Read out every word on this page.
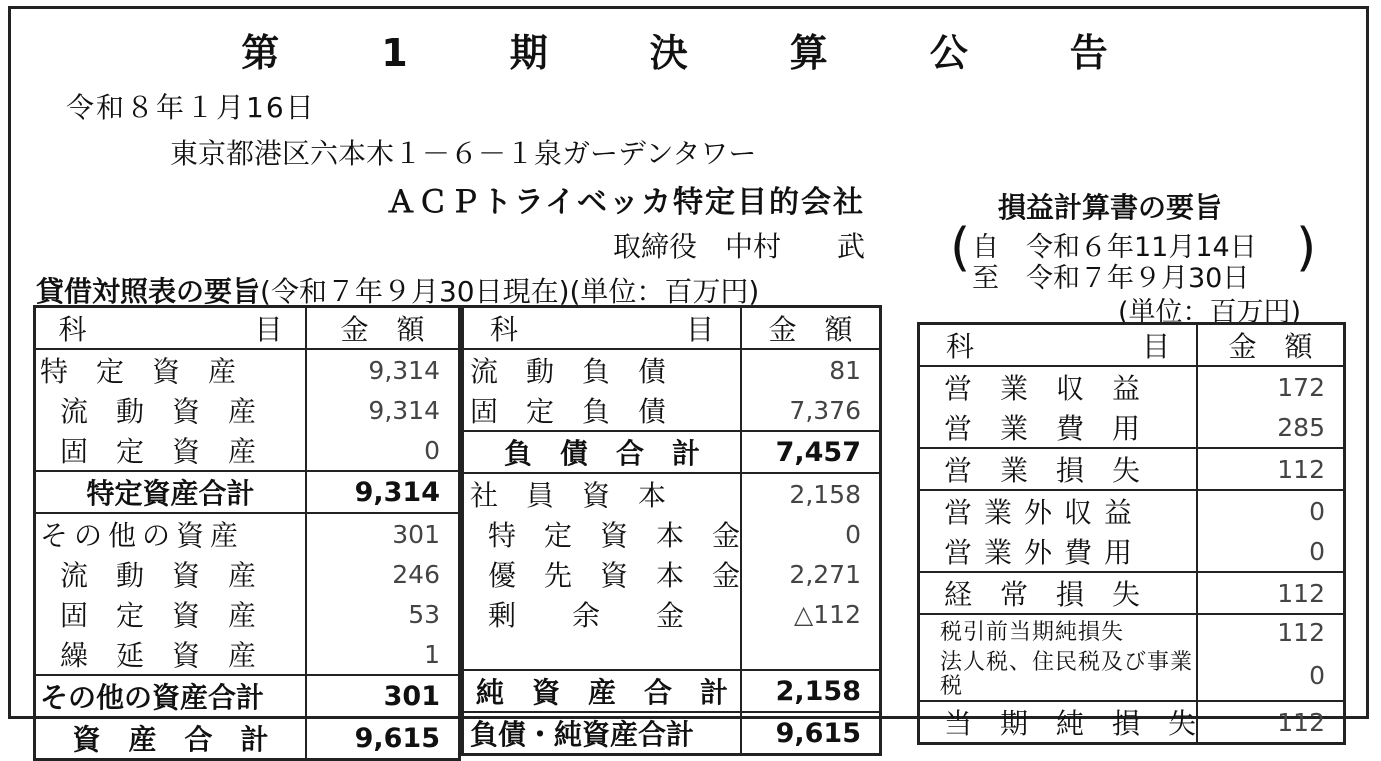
第　1　期　決　算　公　告
令和８年１月16日
東京都港区六本木１－６－１泉ガーデンタワー
ＡＣＰトライベッカ特定目的会社
取締役　中村　　武
貸借対照表の要旨(令和７年９月30日現在)(単位：百万円)
科　　　　　　目	金　額
特　定　資　産	9,314
流　動　資　産	9,314
固　定　資　産	0
特定資産合計	9,314
その他の資産	301
流　動　資　産	246
固　定　資　産	53
繰　延　資　産	1
その他の資産合計	301
資　産　合　計	9,615
科　　　　　　目	金　額
流　動　負　債	81
固　定　負　債	7,376
負　債　合　計	7,457
社　員　資　本	2,158
特　定　資　本　金	0
優　先　資　本　金	2,271
剰　　余　　金	△112

純　資　産　合　計	2,158
負債・純資産合計	9,615
損益計算書の要旨
( 自　令和６年11月14日
至　令和７年９月30日
)
(単位：百万円)
科　　　　　　目	金　額
営　業　収　益	172
営　業　費　用	285
営　業　損　失	112
営業外収益	0
営業外費用	0
経　常　損　失	112
税引前当期純損失	112
法人税、住民税及び事業税	0
当　期　純　損　失	112
